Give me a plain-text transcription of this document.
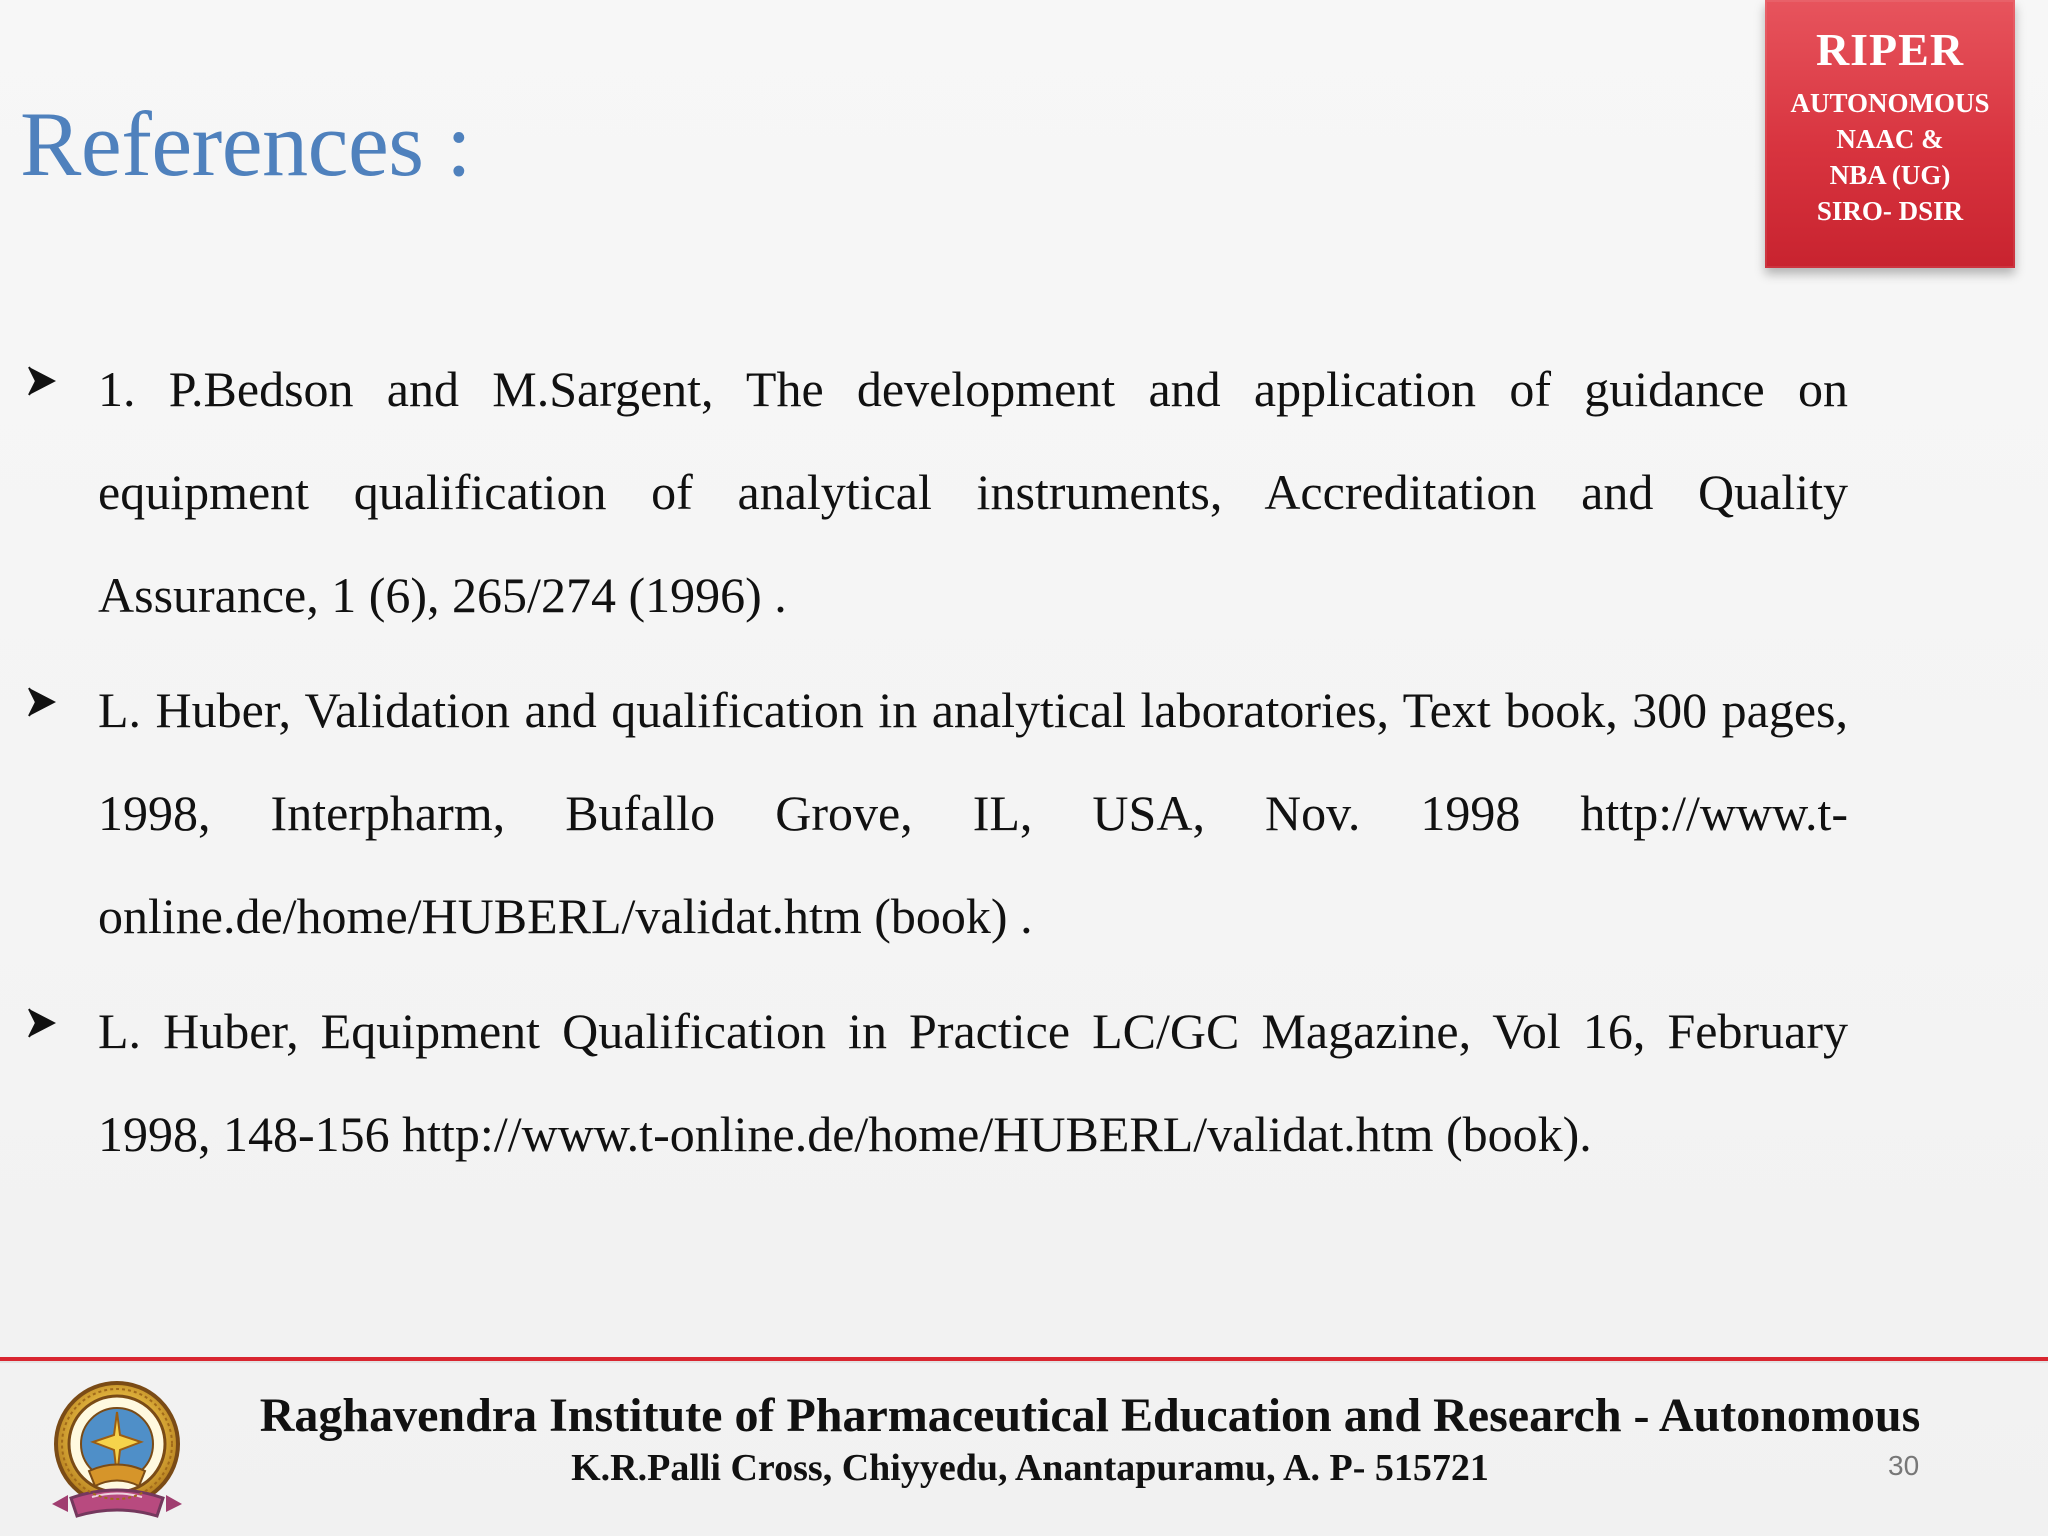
References :
RIPER
AUTONOMOUS
NAAC &
NBA (UG)
SIRO- DSIR
1. P.Bedson and M.Sargent, The development and application of guidance on equipment qualification of analytical instruments, Accreditation and Quality Assurance, 1 (6), 265/274 (1996) .
L. Huber, Validation and qualification in analytical laboratories, Text book, 300 pages, 1998, Interpharm, Bufallo Grove, IL, USA, Nov. 1998 http://www.t-online.de/home/HUBERL/validat.htm (book) .
L. Huber, Equipment Qualification in Practice LC/GC Magazine, Vol 16, February 1998, 148-156 http://www.t-online.de/home/HUBERL/validat.htm (book).

Raghavendra Institute of Pharmaceutical Education and Research - Autonomous

K.R.Palli Cross, Chiyyedu, Anantapuramu, A. P- 515721	30
